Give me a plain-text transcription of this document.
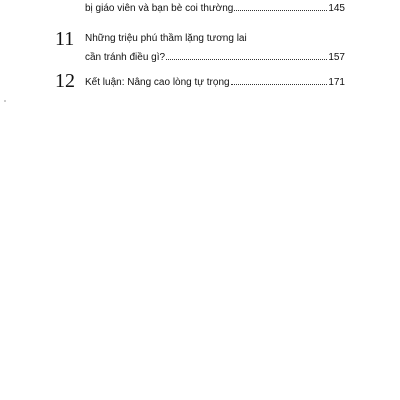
bị giáo viên và bạn bè coi thường	145
11 Những triệu phú thầm lặng tương lai
cần tránh điều gì?	157
12 Kết luận: Nâng cao lòng tự trọng	171
